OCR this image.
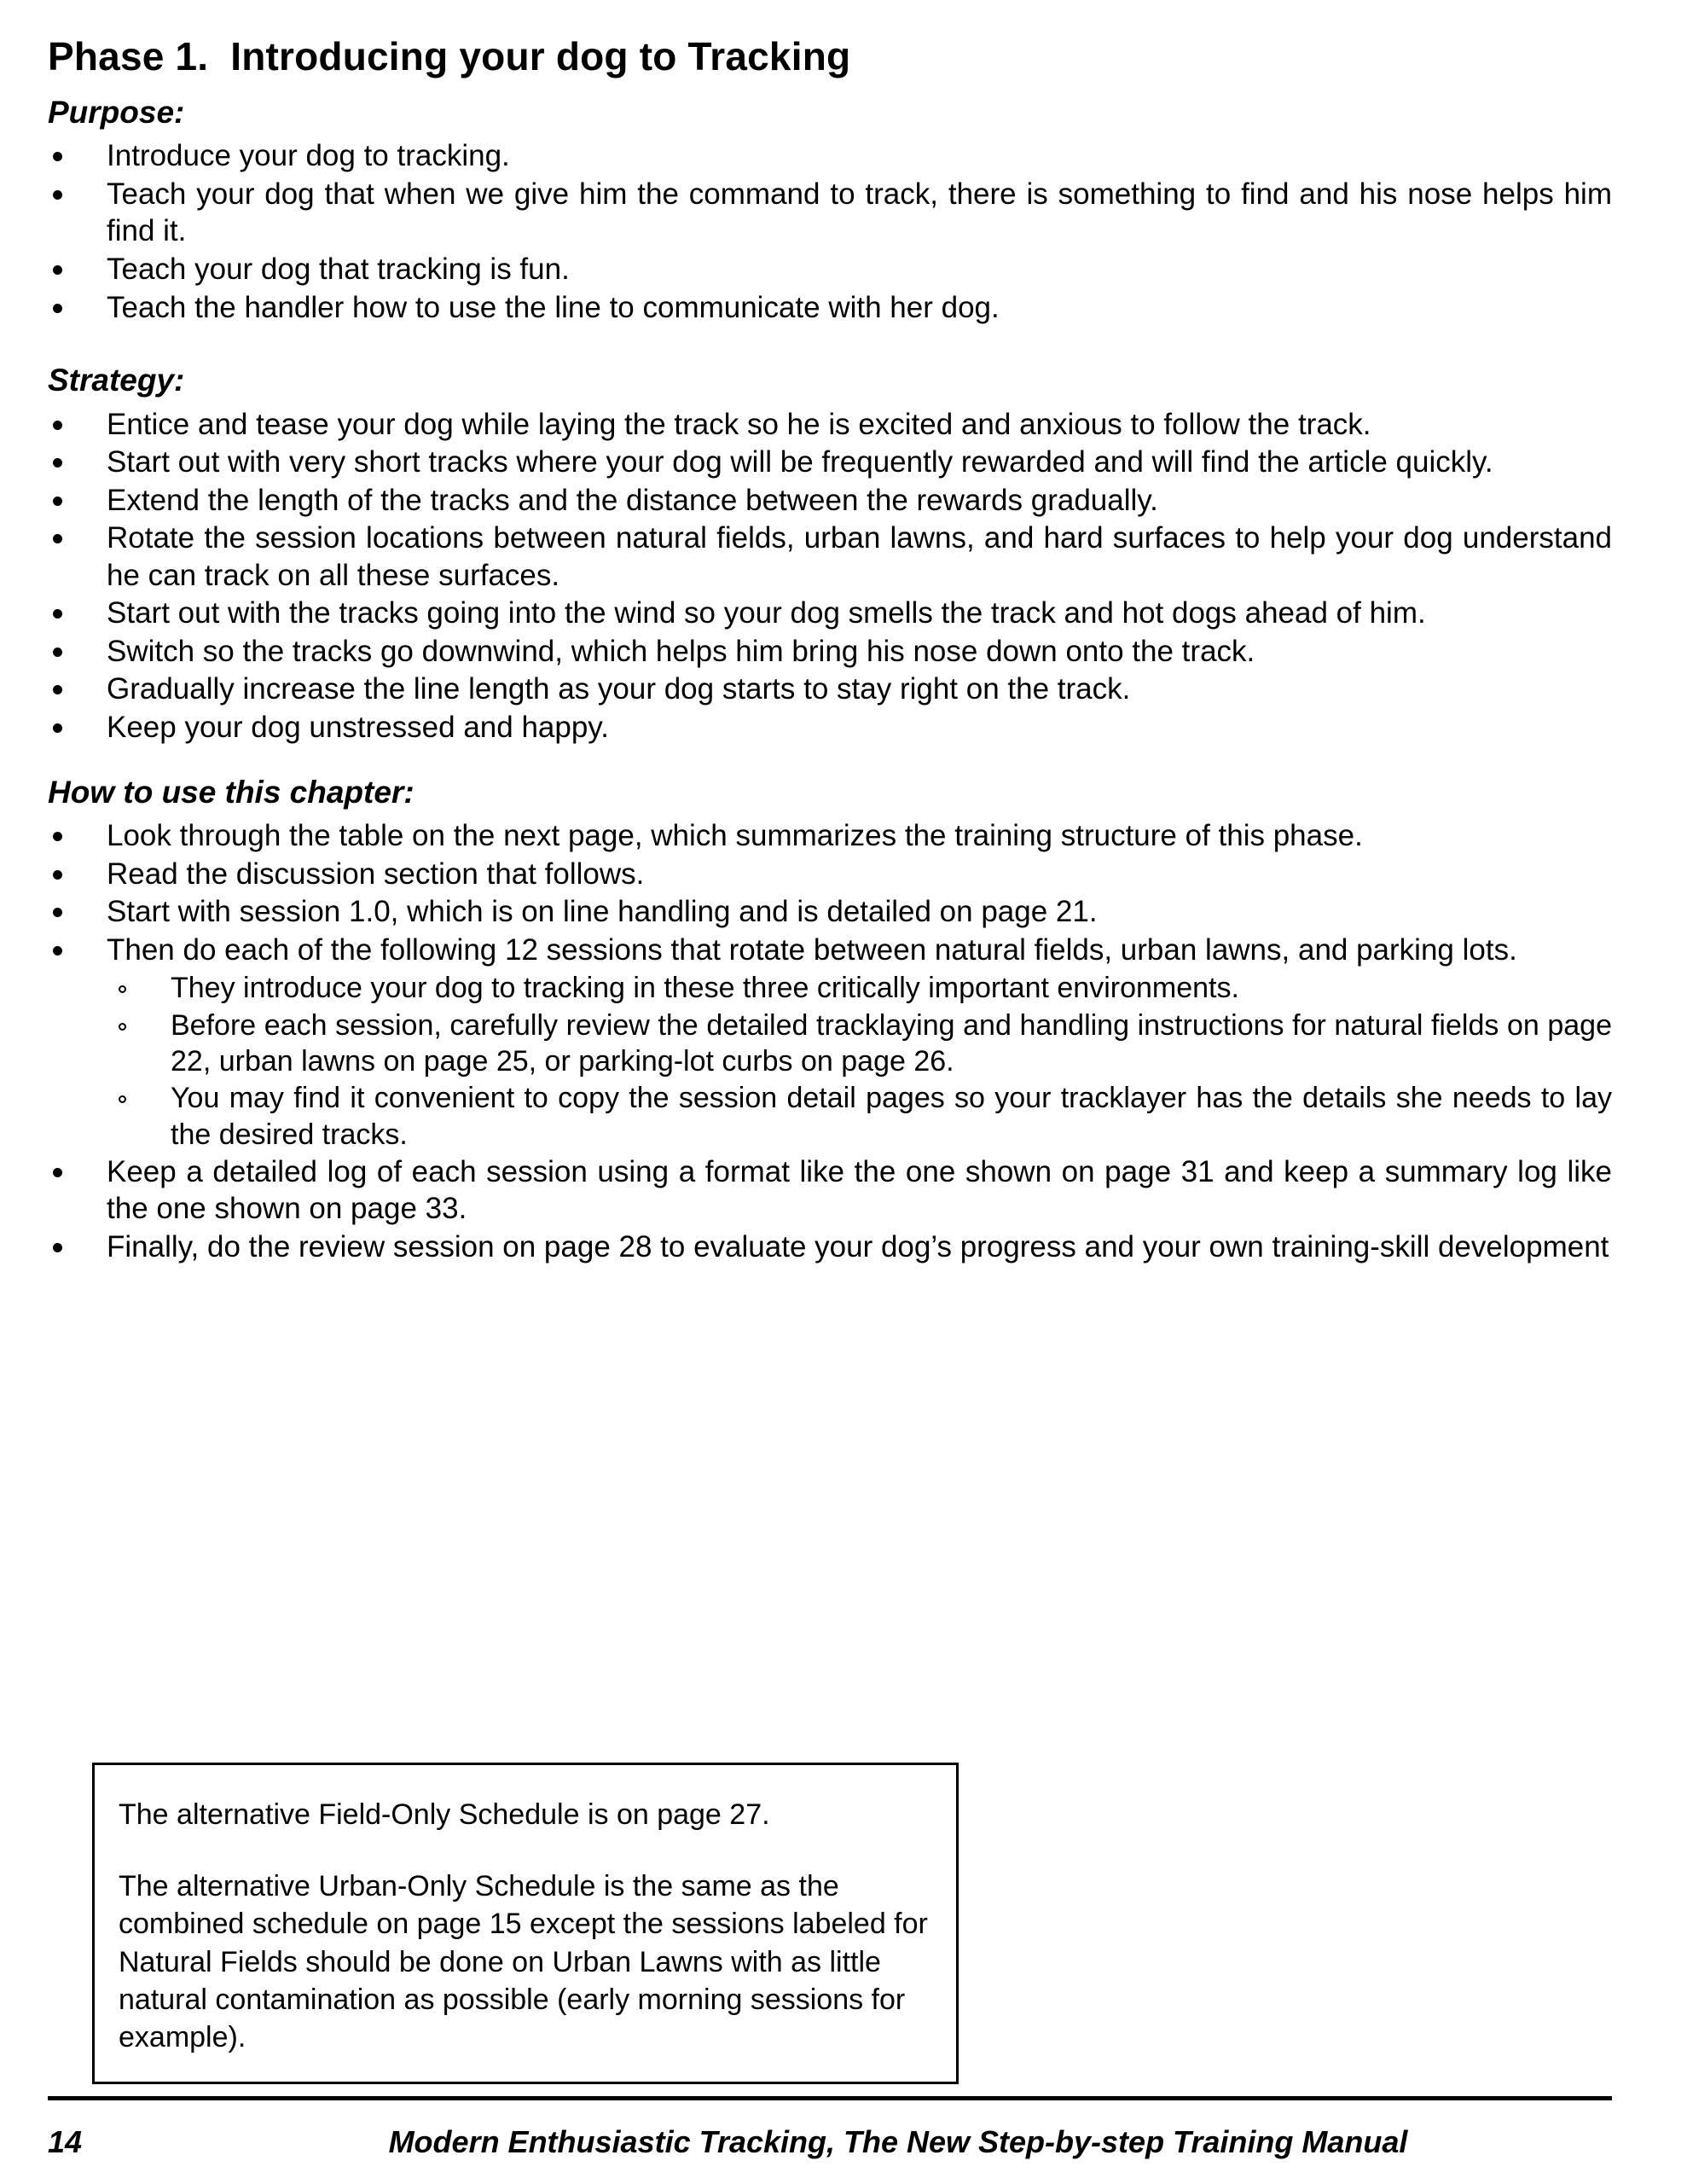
Phase 1.  Introducing your dog to Tracking
Purpose:
Introduce your dog to tracking.
Teach your dog that when we give him the command to track, there is something to find and his nose helps him find it.
Teach your dog that tracking is fun.
Teach the handler how to use the line to communicate with her dog.
Strategy:
Entice and tease your dog while laying the track so he is excited and anxious to follow the track.
Start out with very short tracks where your dog will be frequently rewarded and will find the article quickly.
Extend the length of the tracks and the distance between the rewards gradually.
Rotate the session locations between natural fields, urban lawns, and hard surfaces to help your dog understand he can track on all these surfaces.
Start out with the tracks going into the wind so your dog smells the track and hot dogs ahead of him.
Switch so the tracks go downwind, which helps him bring his nose down onto the track.
Gradually increase the line length as your dog starts to stay right on the track.
Keep your dog unstressed and happy.
How to use this chapter:
Look through the table on the next page, which summarizes the training structure of this phase.
Read the discussion section that follows.
Start with session 1.0, which is on line handling and is detailed on page 21.
Then do each of the following 12 sessions that rotate between natural fields, urban lawns, and parking lots.
They introduce your dog to tracking in these three critically important environments.
Before each session, carefully review the detailed tracklaying and handling instructions for natural fields on page 22, urban lawns on page 25, or parking-lot curbs on page 26.
You may find it convenient to copy the session detail pages so your tracklayer has the details she needs to lay the desired tracks.
Keep a detailed log of each session using a format like the one shown on page 31 and keep a summary log like the one shown on page 33.
Finally, do the review session on page 28 to evaluate your dog’s progress and your own training-skill development

The alternative Field-Only Schedule is on page 27.

The alternative Urban-Only Schedule is the same as the combined schedule on page 15 except the sessions labeled for Natural Fields should be done on Urban Lawns with as little natural contamination as possible (early morning sessions for example).

14	Modern Enthusiastic Tracking, The New Step-by-step Training Manual
